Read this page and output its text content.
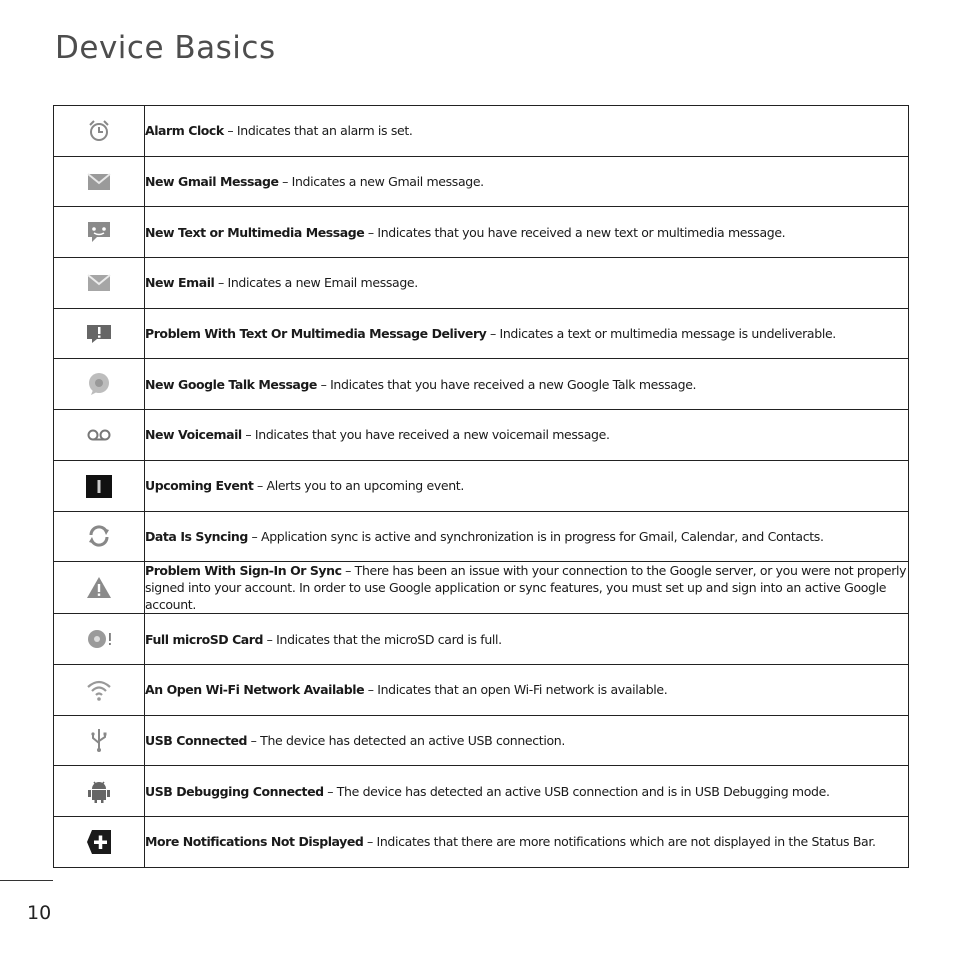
Device Basics
	Alarm Clock – Indicates that an alarm is set.

	New Gmail Message – Indicates a new Gmail message.

	New Text or Multimedia Message – Indicates that you have received a new text or multimedia message.

	New Email – Indicates a new Email message.

	Problem With Text Or Multimedia Message Delivery – Indicates a text or multimedia message is undeliverable.

	New Google Talk Message – Indicates that you have received a new Google Talk message.

	New Voicemail – Indicates that you have received a new voicemail message.

	Upcoming Event – Alerts you to an upcoming event.

	Data Is Syncing – Application sync is active and synchronization is in progress for Gmail, Calendar, and Contacts.

	Problem With Sign-In Or Sync – There has been an issue with your connection to the Google server, or you were not properly signed into your account. In order to use Google application or sync features, you must set up and sign into an active Google account.

	Full microSD Card – Indicates that the microSD card is full.

	An Open Wi-Fi Network Available – Indicates that an open Wi-Fi network is available.

	USB Connected – The device has detected an active USB connection.

	USB Debugging Connected – The device has detected an active USB connection and is in USB Debugging mode.

	More Notifications Not Displayed – Indicates that there are more notifications which are not displayed in the Status Bar.
10
